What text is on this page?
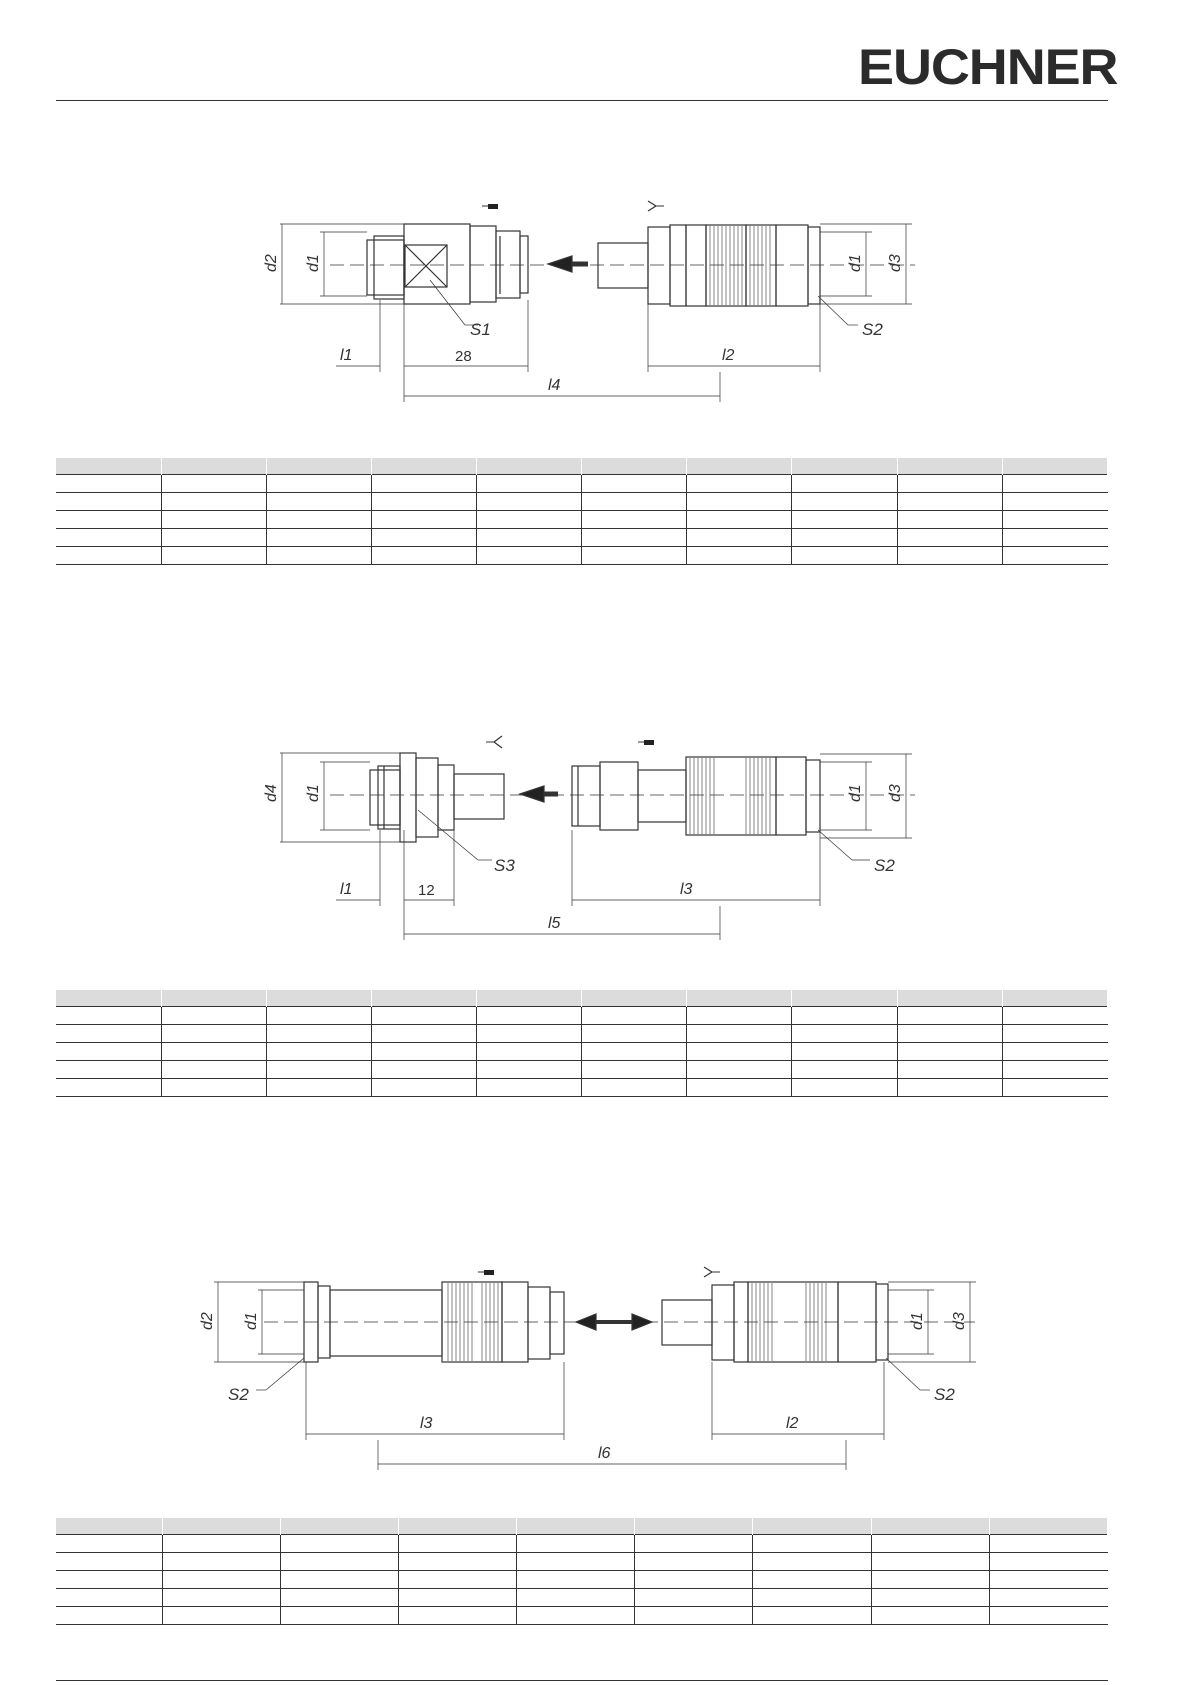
EUCHNER
d2 d1	d1 d3
S1	S2
l1	28	l2
l4

d4 d1	d1 d3
S3	S2
l1	12	l3
l5

d2 d1	d1 d3
S2	S2
l3	l2
l6
